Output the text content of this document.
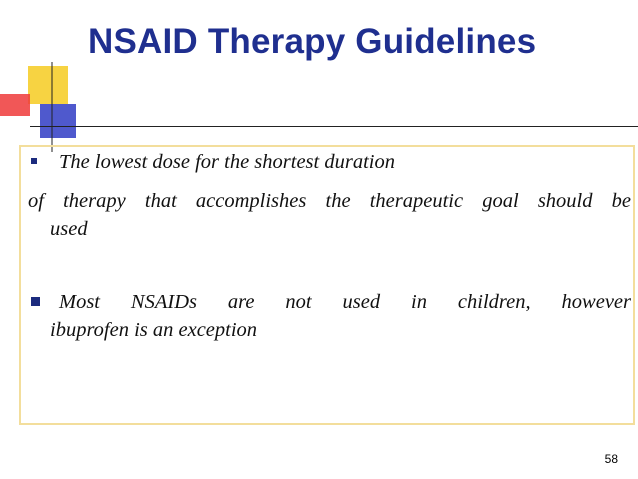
NSAID Therapy Guidelines
The lowest dose for the shortest duration
of therapy that accomplishes the therapeutic goal should be
used
Most NSAIDs are not used in children, however
ibuprofen is an exception
58
